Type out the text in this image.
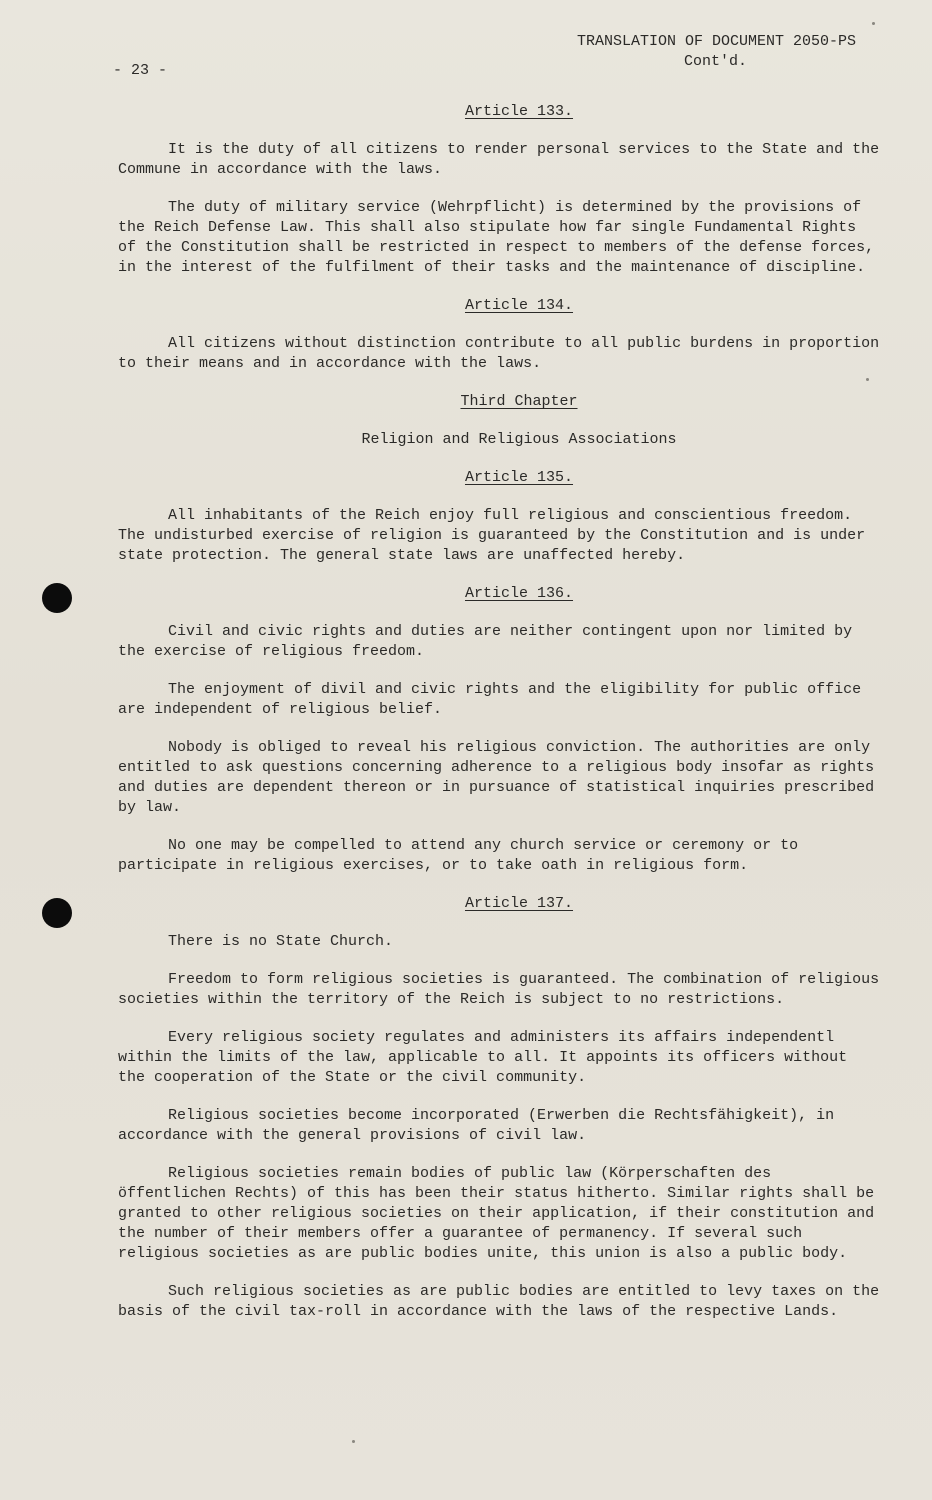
TRANSLATION OF DOCUMENT 2050-PS
Cont'd.
- 23 -
Article 133.

It is the duty of all citizens to render personal services to the State and the Commune in accordance with the laws.

The duty of military service (Wehrpflicht) is determined by the provisions of the Reich Defense Law. This shall also stipulate how far single Fundamental Rights of the Constitution shall be restricted in respect to members of the defense forces, in the interest of the fulfilment of their tasks and the maintenance of discipline.

Article 134.

All citizens without distinction contribute to all public burdens in proportion to their means and in accordance with the laws.

Third Chapter
Religion and Religious Associations
Article 135.

All inhabitants of the Reich enjoy full religious and conscientious freedom. The undisturbed exercise of religion is guaranteed by the Constitution and is under state protection. The general state laws are unaffected hereby.

Article 136.

Civil and civic rights and duties are neither contingent upon nor limited by the exercise of religious freedom.

The enjoyment of divil and civic rights and the eligibility for public office are independent of religious belief.

Nobody is obliged to reveal his religious conviction. The authorities are only entitled to ask questions concerning adherence to a religious body insofar as rights and duties are dependent thereon or in pursuance of statistical inquiries prescribed by law.

No one may be compelled to attend any church service or ceremony or to participate in religious exercises, or to take oath in religious form.

Article 137.

There is no State Church.

Freedom to form religious societies is guaranteed. The combination of religious societies within the territory of the Reich is subject to no restrictions.

Every religious society regulates and administers its affairs independentl within the limits of the law, applicable to all. It appoints its officers without the cooperation of the State or the civil community.

Religious societies become incorporated (Erwerben die Rechtsfähigkeit), in accordance with the general provisions of civil law.

Religious societies remain bodies of public law (Körperschaften des öffentlichen Rechts) of this has been their status hitherto. Similar rights shall be granted to other religious societies on their application, if their constitution and the number of their members offer a guarantee of permanency. If several such religious societies as are public bodies unite, this union is also a public body.

Such religious societies as are public bodies are entitled to levy taxes on the basis of the civil tax-roll in accordance with the laws of the respective Lands.
